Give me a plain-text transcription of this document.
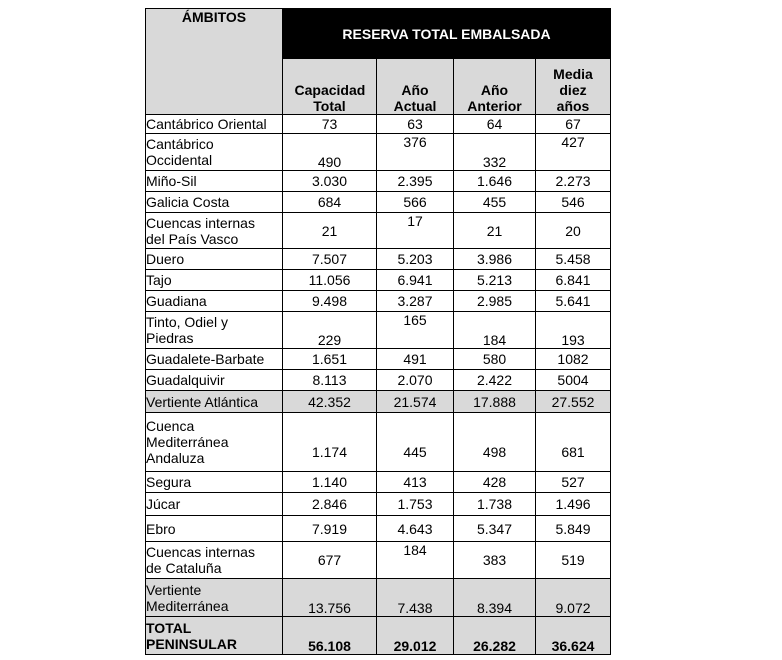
ÁMBITOS	RESERVA TOTAL EMBALSADA			

	Capacidad Total	Año Actual	Año Anterior	Media diez años

Cantábrico Oriental	73	63	64	67

Cantábrico Occidental	490	376	332	427
Miño-Sil	3.030	2.395	1.646	2.273
Galicia Costa	684	566	455	546

Cuencas internas del País Vasco	21	17	21	20
Duero	7.507	5.203	3.986	5.458
Tajo	11.056	6.941	5.213	6.841
Guadiana	9.498	3.287	2.985	5.641

Tinto, Odiel y Piedras	229	165	184	193
Guadalete-Barbate	1.651	491	580	1082
Guadalquivir	8.113	2.070	2.422	5004
Vertiente Atlántica	42.352	21.574	17.888	27.552

Cuenca Mediterránea Andaluza	1.174	445	498	681
Segura	1.140	413	428	527
Júcar	2.846	1.753	1.738	1.496
Ebro	7.919	4.643	5.347	5.849

Cuencas internas de Cataluña	677	184	383	519

Vertiente Mediterránea	13.756	7.438	8.394	9.072

TOTAL PENINSULAR	56.108	29.012	26.282	36.624
